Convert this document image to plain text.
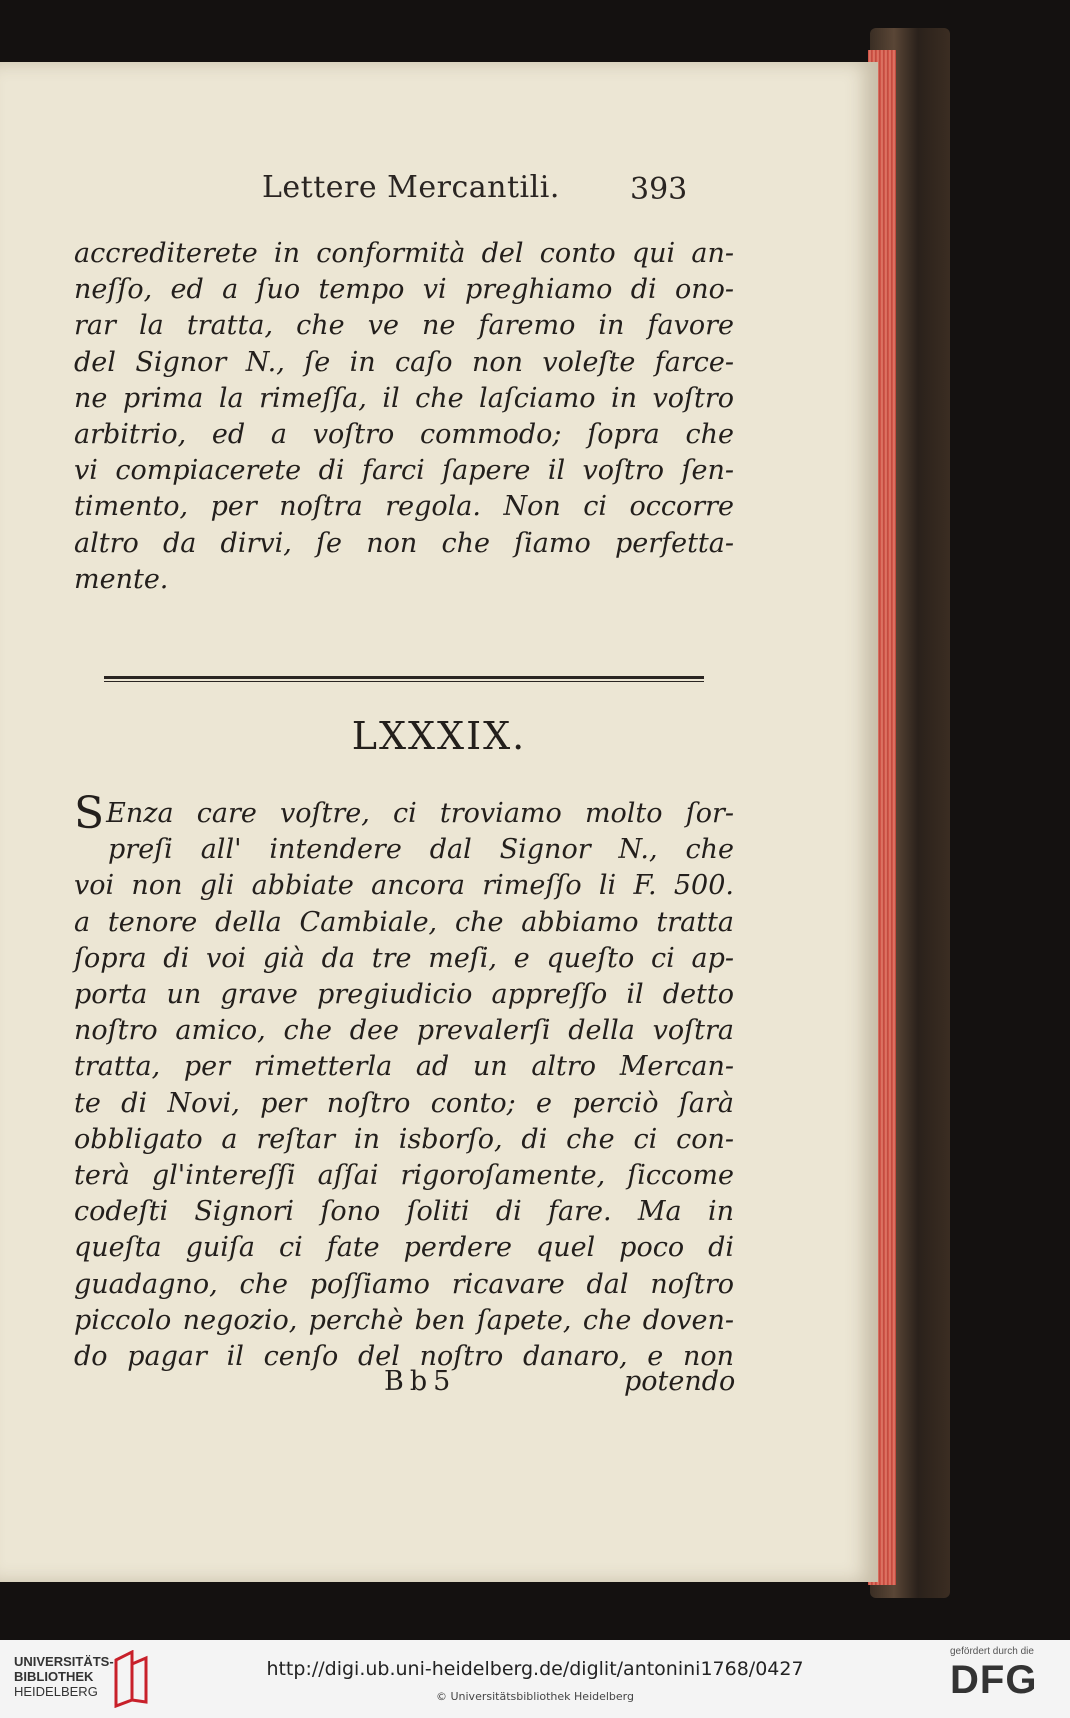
Lettere Mercantili. 393
accrediterete in conformità del conto qui an-
neſſo, ed a ſuo tempo vi preghiamo di ono-
rar la tratta, che ve ne faremo in favore
del Signor N., ſe in caſo non voleſte farce-
ne prima la rimeſſa, il che laſciamo in voſtro
arbitrio, ed a voſtro commodo; ſopra che
vi compiacerete di farci ſapere il voſtro ſen-
timento, per noſtra regola. Non ci occorre
altro da dirvi, ſe non che ſiamo perfetta-
mente.
LXXXIX.
S Enza care voſtre, ci troviamo molto ſor-
preſi all' intendere dal Signor N., che
voi non gli abbiate ancora rimeſſo li F. 500.
a tenore della Cambiale, che abbiamo tratta
ſopra di voi già da tre meſi, e queſto ci ap-
porta un grave pregiudicio appreſſo il detto
noſtro amico, che dee prevalerſi della voſtra
tratta, per rimetterla ad un altro Mercan-
te di Novi, per noſtro conto; e perciò ſarà
obbligato a reſtar in isborſo, di che ci con-
terà gl'intereſſi aſſai rigoroſamente, ſiccome
codeſti Signori ſono ſoliti di fare. Ma in
queſta guiſa ci fate perdere quel poco di
guadagno, che poſſiamo ricavare dal noſtro
piccolo negozio, perchè ben ſapete, che doven-
do pagar il cenſo del noſtro danaro, e non
Bb5	potendo
UNIVERSITÄTS-
BIBLIOTHEK
HEIDELBERG
http://digi.ub.uni-heidelberg.de/diglit/antonini1768/0427
© Universitätsbibliothek Heidelberg
gefördert durch die
DFG
